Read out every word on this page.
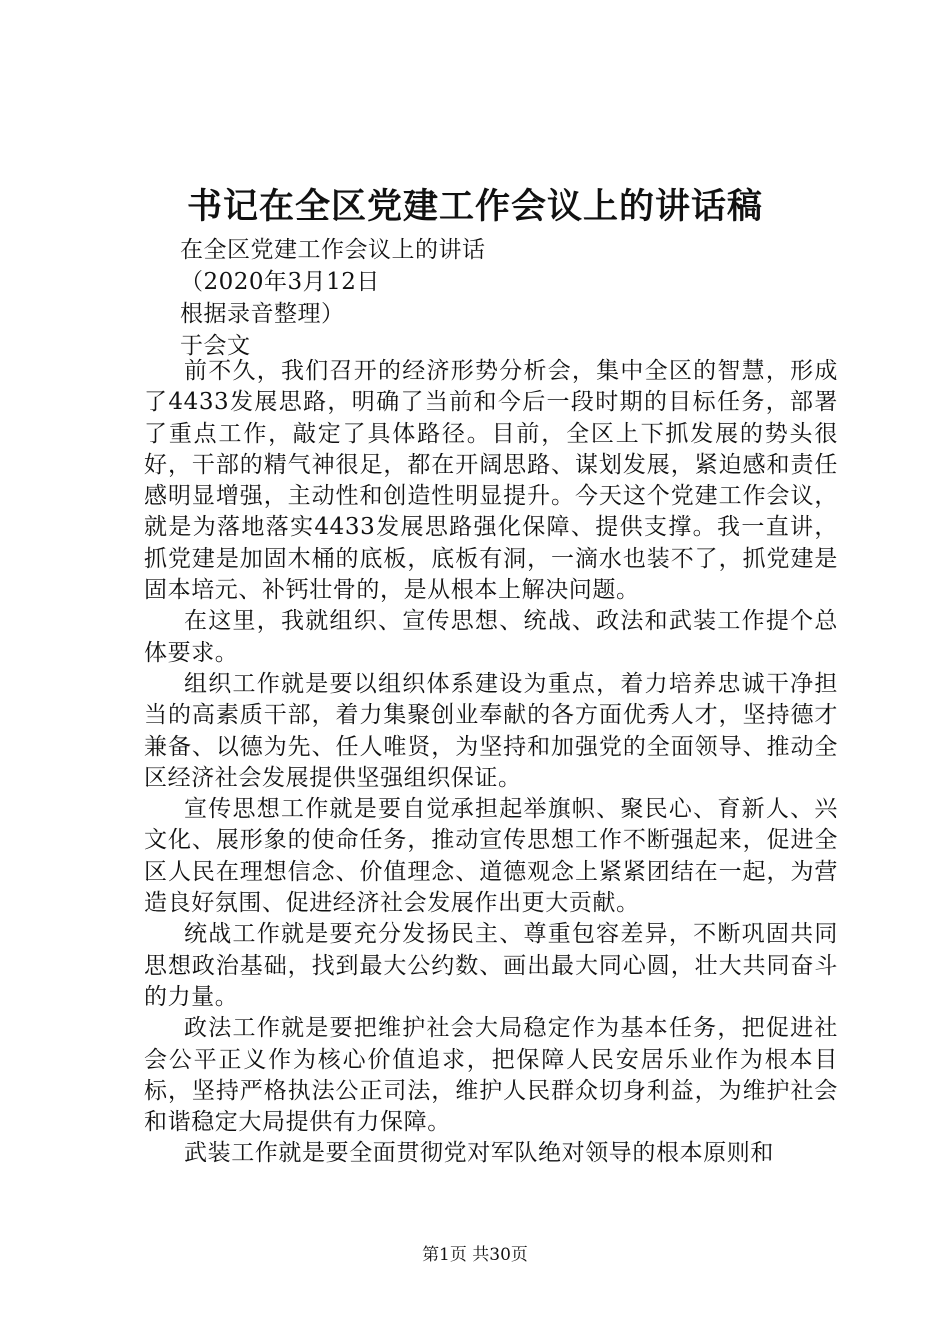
书记在全区党建工作会议上的讲话稿
在全区党建工作会议上的讲话
（2020年3月12日
根据录音整理）
于会文

前不久，我们召开的经济形势分析会，集中全区的智慧，形成了4433发展思路，明确了当前和今后一段时期的目标任务，部署了重点工作，敲定了具体路径。目前，全区上下抓发展的势头很好，干部的精气神很足，都在开阔思路、谋划发展，紧迫感和责任感明显增强，主动性和创造性明显提升。今天这个党建工作会议，就是为落地落实4433发展思路强化保障、提供支撑。我一直讲，抓党建是加固木桶的底板，底板有洞，一滴水也装不了，抓党建是固本培元、补钙壮骨的，是从根本上解决问题。

在这里，我就组织、宣传思想、统战、政法和武装工作提个总体要求。

组织工作就是要以组织体系建设为重点，着力培养忠诚干净担当的高素质干部，着力集聚创业奉献的各方面优秀人才，坚持德才兼备、以德为先、任人唯贤，为坚持和加强党的全面领导、推动全区经济社会发展提供坚强组织保证。

宣传思想工作就是要自觉承担起举旗帜、聚民心、育新人、兴文化、展形象的使命任务，推动宣传思想工作不断强起来，促进全区人民在理想信念、价值理念、道德观念上紧紧团结在一起，为营造良好氛围、促进经济社会发展作出更大贡献。

统战工作就是要充分发扬民主、尊重包容差异，不断巩固共同思想政治基础，找到最大公约数、画出最大同心圆，壮大共同奋斗的力量。

政法工作就是要把维护社会大局稳定作为基本任务，把促进社会公平正义作为核心价值追求，把保障人民安居乐业作为根本目标，坚持严格执法公正司法，维护人民群众切身利益，为维护社会和谐稳定大局提供有力保障。

武装工作就是要全面贯彻党对军队绝对领导的根本原则和

第1页 共30页
